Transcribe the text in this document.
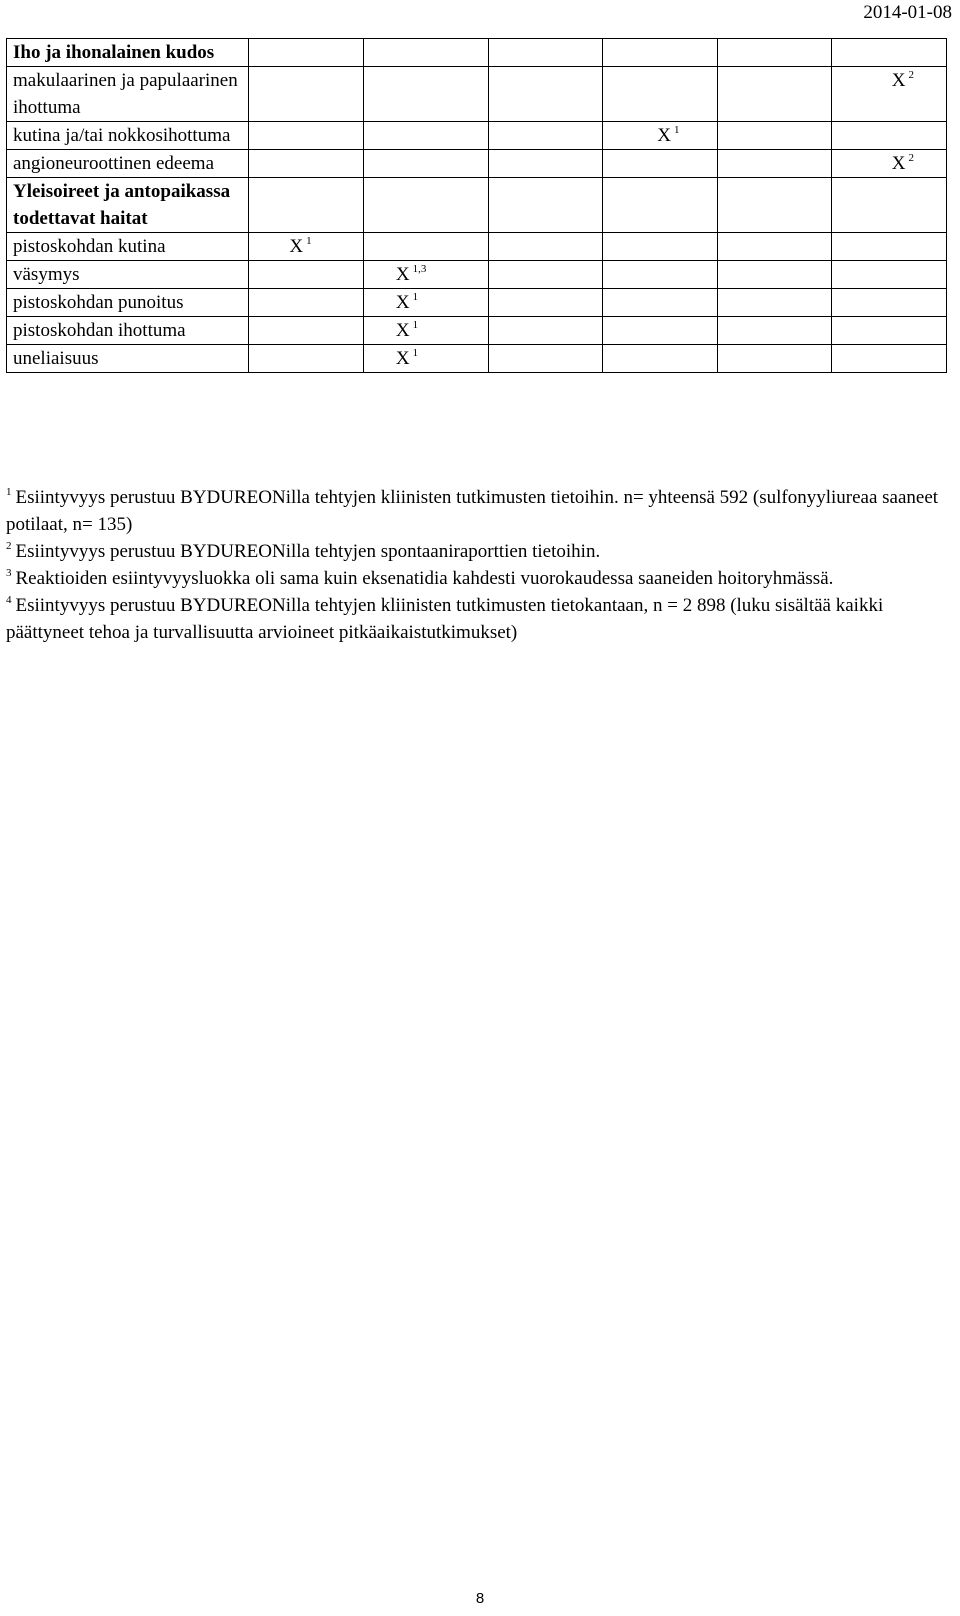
2014-01-08
Iho ja ihonalainen kudos						
makulaarinen ja papulaarinen ihottuma						X $^2$

kutina ja/tai nokkosihottuma				X $^1$

angioneuroottinen edeema						X $^2$

Yleisoireet ja antopaikassa todettavat haitat						
pistoskohdan kutina	X $^1$

väsymys		X $^{1,3}$

pistoskohdan punoitus		X $^1$

pistoskohdan ihottuma		X $^1$

uneliaisuus		X $^1$

$^1$ Esiintyvyys perustuu BYDUREONilla tehtyjen kliinisten tutkimusten tietoihin. n= yhteensä 592 (sulfonyyliureaa saaneet potilaat, n= 135)

$^2$ Esiintyvyys perustuu BYDUREONilla tehtyjen spontaaniraporttien tietoihin.

$^3$ Reaktioiden esiintyvyysluokka oli sama kuin eksenatidia kahdesti vuorokaudessa saaneiden hoitoryhmässä.

$^4$ Esiintyvyys perustuu BYDUREONilla tehtyjen kliinisten tutkimusten tietokantaan, n = 2 898 (luku sisältää kaikki päättyneet tehoa ja turvallisuutta arvioineet pitkäaikaistutkimukset)

8
